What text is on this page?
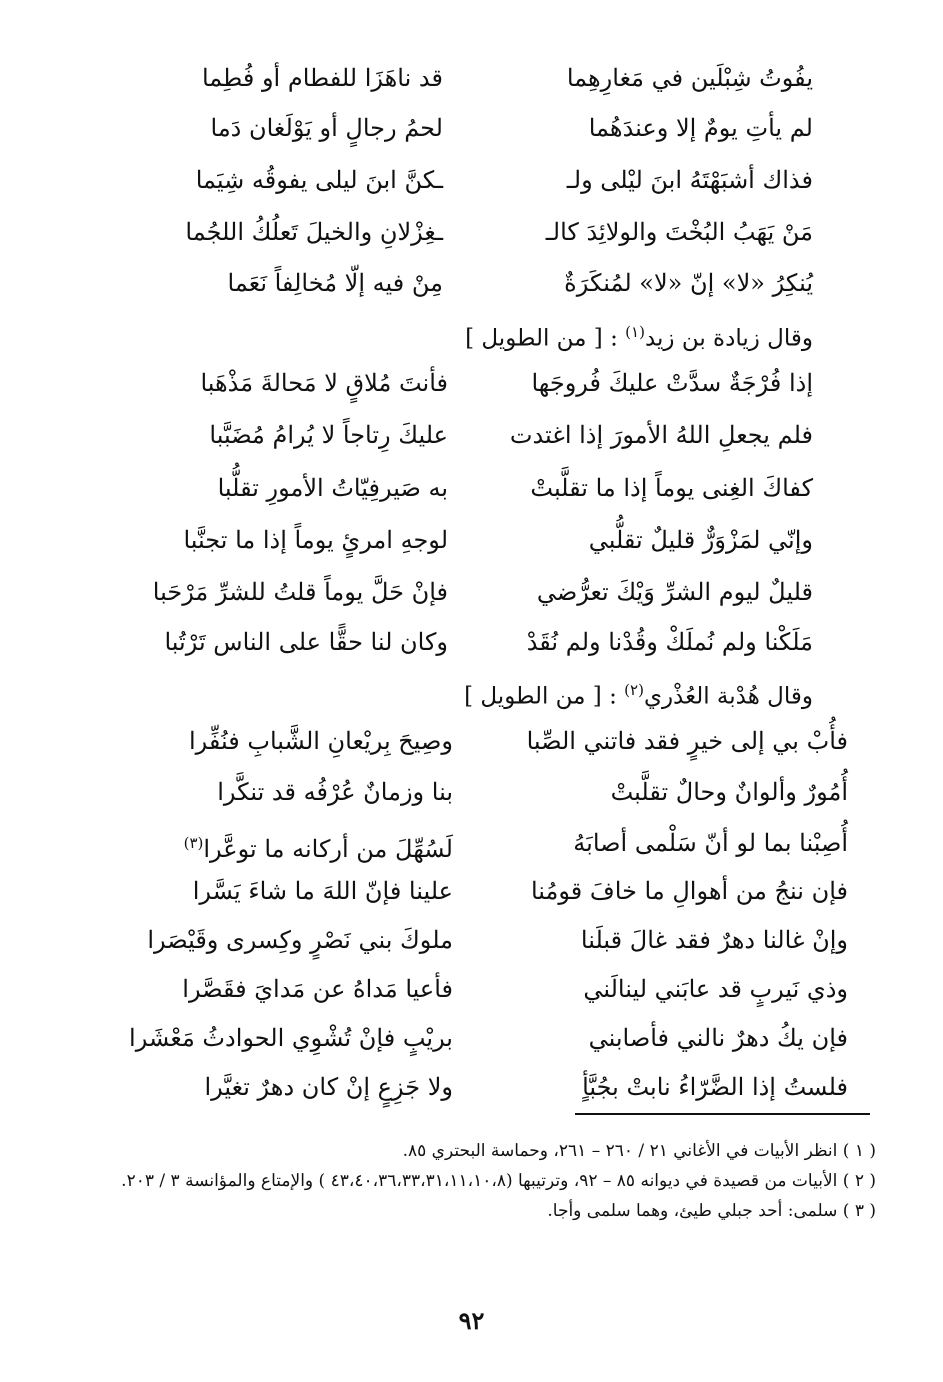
يفُوتُ شِبْلَين في مَغارِهِما
قد ناهَزَا للفطام أو فُطِما
لم يأتِ يومٌ إلا وعندَهُما
لحمُ رجالٍ أو يَوْلَغان دَما
فذاك أشبَهْتَهُ ابنَ ليْلى ولـ
ـكنَّ ابنَ ليلى يفوقُه شِيَما
مَنْ يَهَبُ البُخْتَ والولائِدَ كالـ
ـغِزْلانِ والخيلَ تَعلُكُ اللجُما
يُنكِرُ «لا» إنّ «لا» لمُنكَرَةٌ
مِنْ فيه إلّا مُخالِفاً نَعَما
وقال زيادة بن زيد$^{(١)}$ : [ من الطويل ]
إذا فُرْجَةٌ سدَّتْ عليكَ فُروجَها
فأنتَ مُلاقٍ لا مَحالةَ مَذْهَبا
فلم يجعلِ اللهُ الأمورَ إذا اغتدت
عليكَ رِتاجاً لا يُرامُ مُضَبَّبا
كفاكَ الغِنى يوماً إذا ما تقلَّبتْ
به صَيرفِيّاتُ الأمورِ تقلُّبا
وإنّي لمَزْوَرٌّ قليلٌ تقلُّبي
لوجهِ امرئٍ يوماً إذا ما تجنَّبا
قليلٌ ليوم الشرِّ وَيْكَ تعرُّضي
فإنْ حَلَّ يوماً قلتُ للشرِّ مَرْحَبا
مَلَكْنا ولم نُملَكْ وقُدْنا ولم نُقَدْ
وكان لنا حقًّا على الناس تَرْتُبا
وقال هُدْبة العُذْري$^{(٢)}$ : [ من الطويل ]
فأُبْ بي إلى خيرٍ فقد فاتني الصِّبا
وصِيحَ بِريْعانِ الشَّبابِ فنُفِّرا
أُمُورٌ وألوانٌ وحالٌ تقلَّبتْ
بنا وزمانٌ عُرْفُه قد تنكَّرا
أُصِبْنا بما لو أنّ سَلْمى أصابَهُ
لَسُهِّلَ من أركانه ما توعَّرا$^{(٣)}$
فإن ننجُ من أهوالِ ما خافَ قومُنا
علينا فإنّ اللهَ ما شاءَ يَسَّرا
وإنْ غالنا دهرٌ فقد غالَ قبلَنا
ملوكَ بني نَصْرٍ وكِسرى وقَيْصَرا
وذي نَيربٍ قد عابَني لينالَني
فأعيا مَداهُ عن مَدايَ فقَصَّرا
فإن يكُ دهرٌ نالني فأصابني
بريْبٍ فإنْ تُشْوِي الحوادثُ مَعْشَرا
فلستُ إذا الضَّرّاءُ نابتْ بجُبَّأٍ
ولا جَزِعٍ إنْ كان دهرٌ تغيَّرا
( ١ ) انظر الأبيات في الأغاني ٢١ / ٢٦٠ – ٢٦١، وحماسة البحتري ٨٥.
( ٢ ) الأبيات من قصيدة في ديوانه ٨٥ – ٩٢، وترتيبها (٤٣،٤٠،٣٦،٣٣،٣١،١١،١٠،٨ ) والإمتاع والمؤانسة ٣ / ٢٠٣.
( ٣ ) سلمى: أحد جبلي طيئ، وهما سلمى وأجا.
٩٢
